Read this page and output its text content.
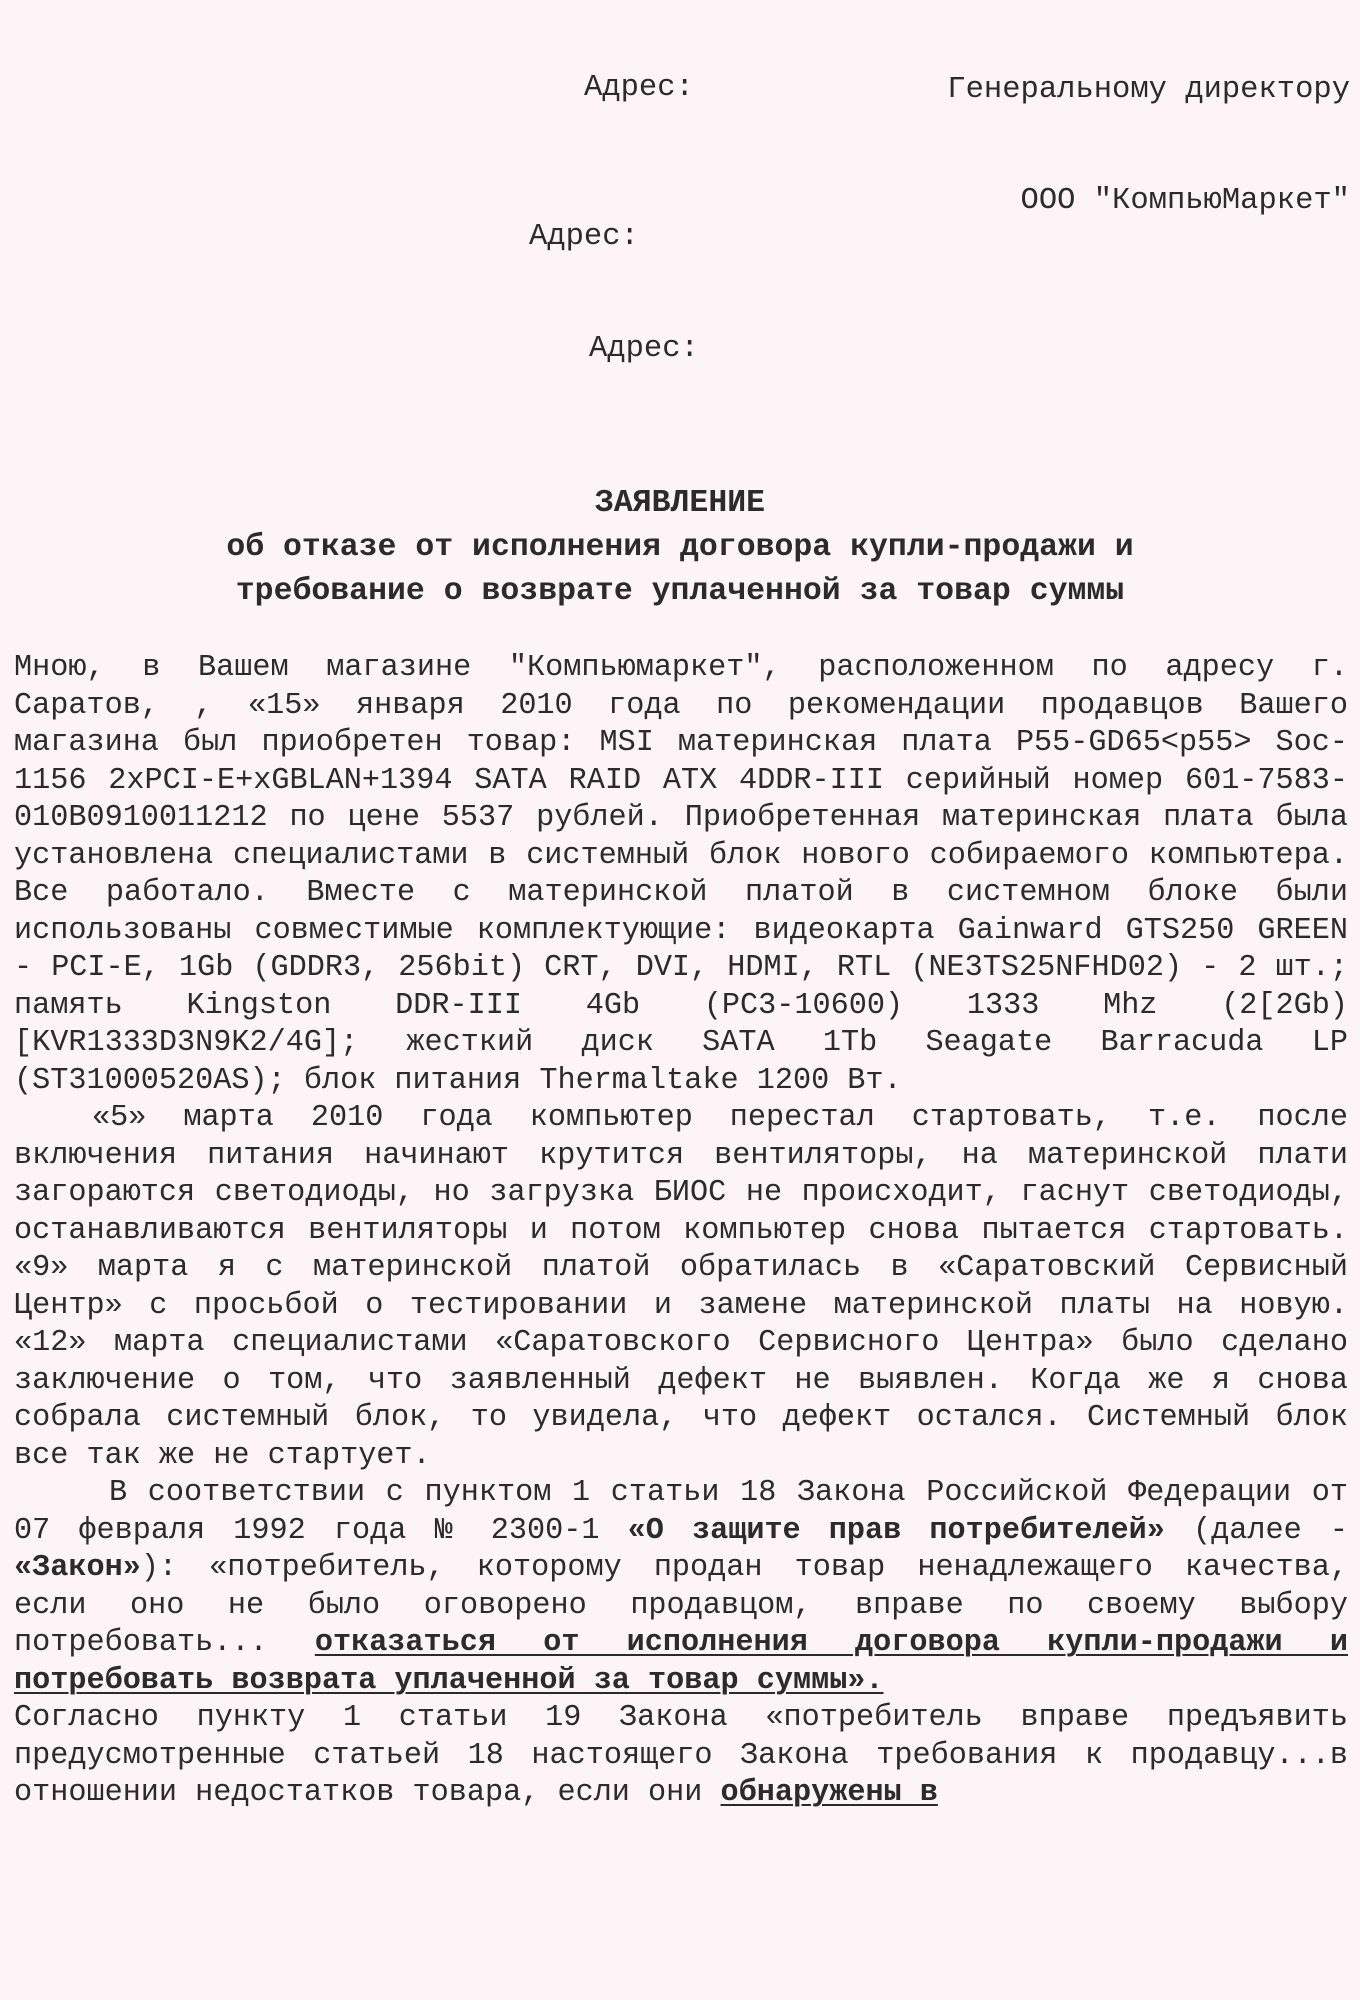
Генеральному директору

ООО "КомпьюМаркет"

Адрес:
Адрес:
Адрес:
ЗАЯВЛЕНИЕ
об отказе от исполнения договора купли-продажи и
требование о возврате уплаченной за товар суммы

Мною, в Вашем магазине "Компьюмаркет", расположенном по адресу г. Саратов, , «15» января 2010 года по рекомендации продавцов Вашего магазина был приобретен товар: MSI материнская плата P55-GD65<p55> Soc-1156 2xPCI-E+xGBLAN+1394 SATA RAID ATX 4DDR-III серийный номер 601-7583-010B0910011212 по цене 5537 рублей. Приобретенная материнская плата была установлена специалистами в системный блок нового собираемого компьютера. Все работало. Вместе с материнской платой в системном блоке были использованы совместимые комплектующие: видеокарта Gainward GTS250 GREEN - PCI-E, 1Gb (GDDR3, 256bit) CRT, DVI, HDMI, RTL (NE3TS25NFHD02) - 2 шт.; память Kingston DDR-III 4Gb (PC3-10600) 1333 Mhz (2[2Gb) [KVR1333D3N9K2/4G]; жесткий диск SATA 1Tb Seagate Barracuda LP (ST31000520AS); блок питания Thermaltake 1200 Вт.

«5» марта 2010 года компьютер перестал стартовать, т.е. после включения питания начинают крутится вентиляторы, на материнской плати загораются светодиоды, но загрузка БИОС не происходит, гаснут светодиоды, останавливаются вентиляторы и потом компьютер снова пытается стартовать. «9» марта я с материнской платой обратилась в «Саратовский Сервисный Центр» с просьбой о тестировании и замене материнской платы на новую. «12» марта специалистами «Саратовского Сервисного Центра» было сделано заключение о том, что заявленный дефект не выявлен. Когда же я снова собрала системный блок, то увидела, что дефект остался. Системный блок все так же не стартует.

В соответствии с пунктом 1 статьи 18 Закона Российской Федерации от 07 февраля 1992 года № 2300-1 «О защите прав потребителей» (далее - «Закон»): «потребитель, которому продан товар ненадлежащего качества, если оно не было оговорено продавцом, вправе по своему выбору потребовать... отказаться от исполнения договора купли-продажи и потребовать возврата уплаченной за товар суммы».

Согласно пункту 1 статьи 19 Закона «потребитель вправе предъявить предусмотренные статьей 18 настоящего Закона требования к продавцу...в отношении недостатков товара, если они обнаружены в
